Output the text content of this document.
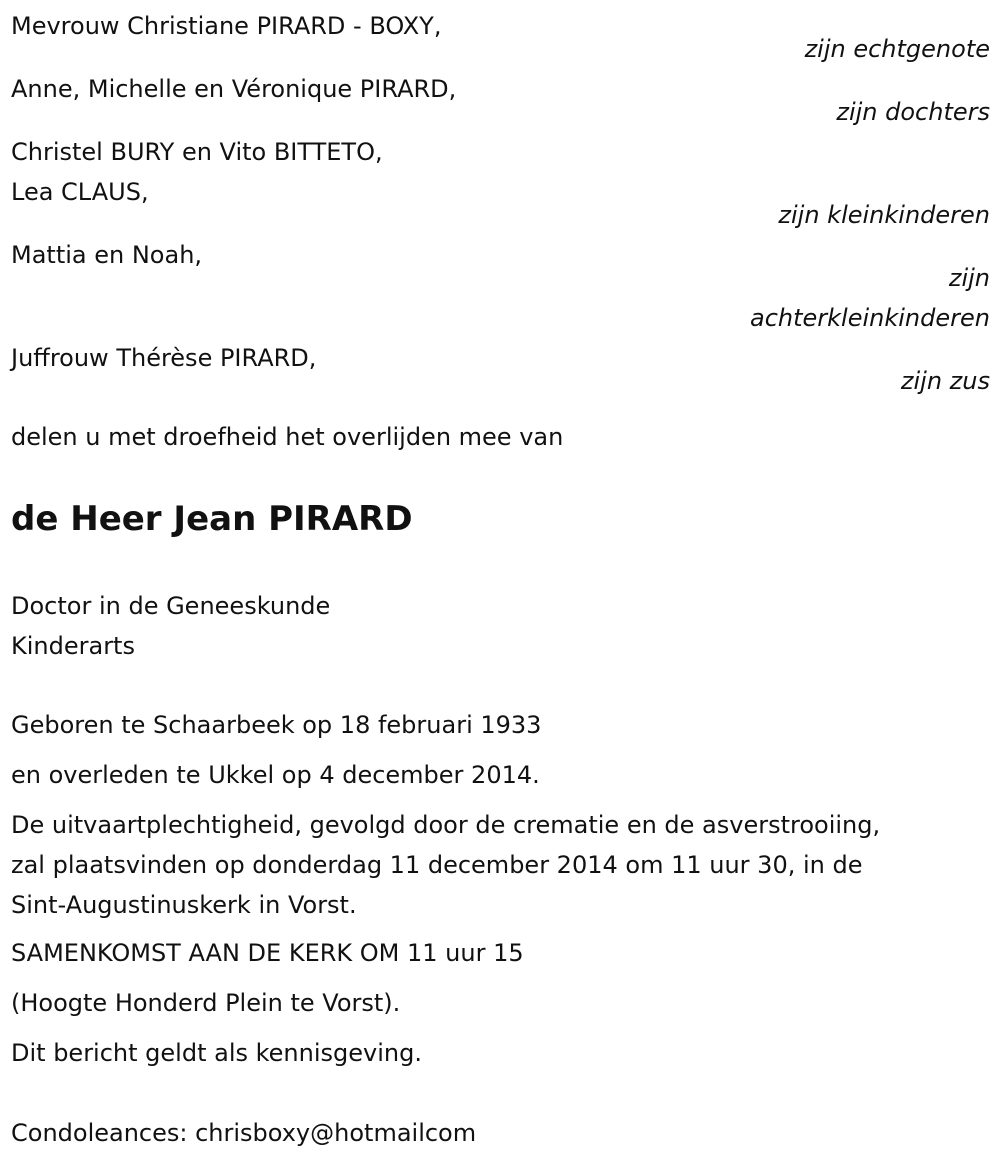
Mevrouw Christiane PIRARD - BOXY,
zijn echtgenote
Anne, Michelle en Véronique PIRARD,
zijn dochters
Christel BURY en Vito BITTETO,
Lea CLAUS,
zijn kleinkinderen
Mattia en Noah,
zijn
achterkleinkinderen
Juffrouw Thérèse PIRARD,
zijn zus
delen u met droefheid het overlijden mee van
de Heer Jean PIRARD
Doctor in de Geneeskunde
Kinderarts
Geboren te Schaarbeek op 18 februari 1933
en overleden te Ukkel op 4 december 2014.
De uitvaartplechtigheid, gevolgd door de crematie en de asverstrooiing,
zal plaatsvinden op donderdag 11 december 2014 om 11 uur 30, in de
Sint-Augustinuskerk in Vorst.
SAMENKOMST AAN DE KERK OM 11 uur 15
(Hoogte Honderd Plein te Vorst).
Dit bericht geldt als kennisgeving.
Condoleances: chrisboxy@hotmailcom
